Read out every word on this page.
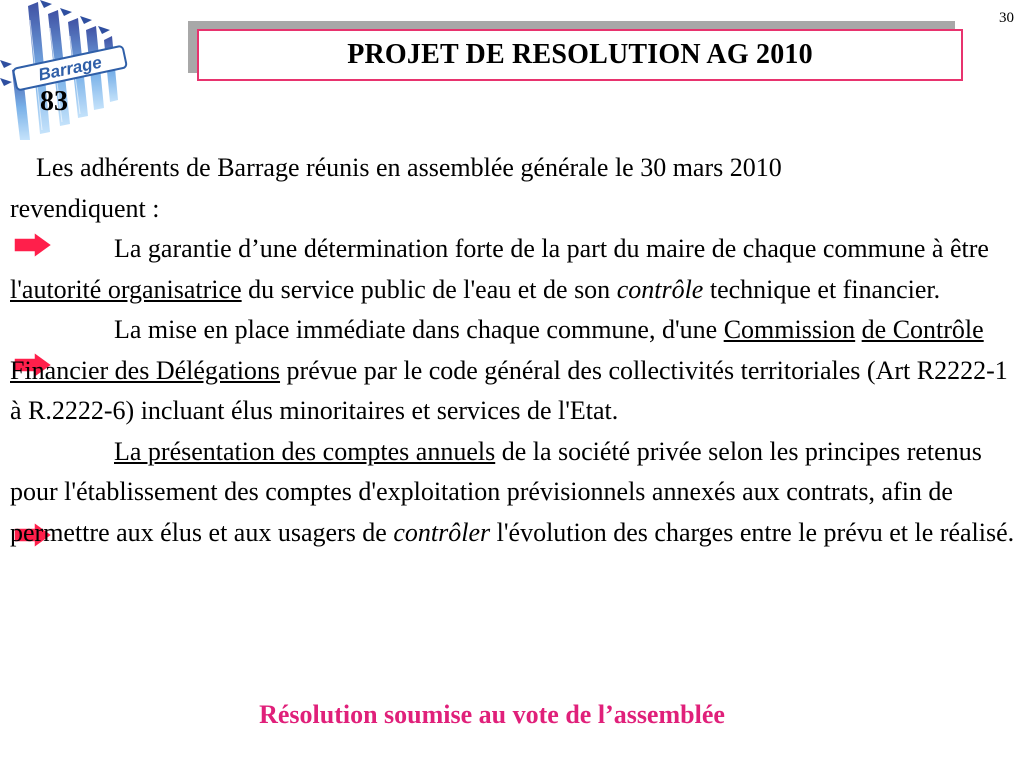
30
Barrage
83
PROJET DE RESOLUTION AG 2010

Les adhérents de Barrage réunis en assemblée générale le 30 mars 2010
revendiquent :

La garantie d’une détermination forte de la part du maire de chaque commune à être l'autorité organisatrice du service public de l'eau et de son contrôle technique et financier.

La mise en place immédiate dans chaque commune, d'une Commission de Contrôle Financier des Délégations prévue par le code général des collectivités territoriales (Art R2222-1 à R.2222-6) incluant élus minoritaires et services de l'Etat.

La présentation des comptes annuels de la société privée selon les principes retenus pour l'établissement des comptes d'exploitation prévisionnels annexés aux contrats, afin de permettre aux élus et aux usagers de contrôler l'évolution des charges entre le prévu et le réalisé.

Résolution soumise au vote de l’assemblée
